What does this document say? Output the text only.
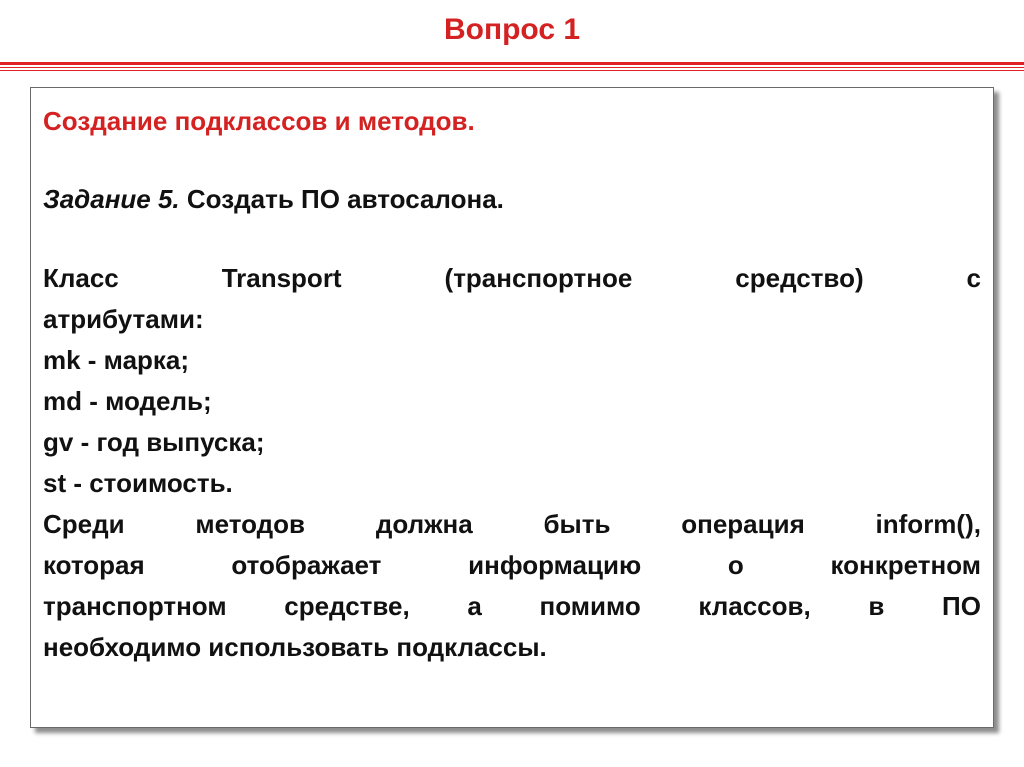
Вопрос 1

Создание подклассов и методов.

Задание 5. Создать ПО автосалона.

Класс	Transport	(транспортное	средство)	с
атрибутами:
mk - марка;
md - модель;
gv - год выпуска;
st - стоимость.
Среди	методов	должна	быть	операция	inform(),
которая	отображает	информацию	о	конкретном
транспортном средстве, а помимо классов, в ПО
необходимо использовать подклассы.
